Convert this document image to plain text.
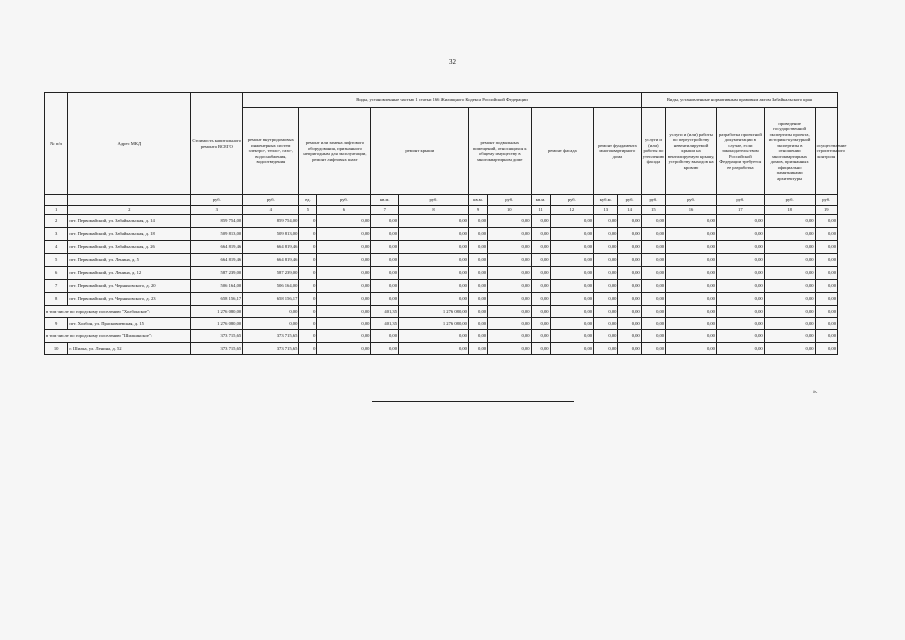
32
№ п/п	Адрес МКД	Стоимость капитального ремонта ВСЕГО	Виды, установленные частью 1 статьи 166 Жилищного Кодекса Российской Федерации											Виды, установленные нормативным правовым актом Забайкальского края				
			ремонт внутридомовых инженерных систем электро-, тепло-, газо-, водоснабжения, водоотведения	ремонт или замена лифтового оборудования, признанного непригодным для эксплуатации, ремонт лифтовых шахт		ремонт крыши		ремонт подвальных помещений, относящихся к общему имуществу в многоквартирном доме		ремонт фасада		ремонт фундамента многоквартирного дома		услуги и (или) работы по утеплению фасада	услуги и (или) работы по переустройству невентилируемой крыши на вентилируемую крышу, устройству выходов на кровлю	разработка проектной документации в случае, если законодательством Российской Федерации требуется ее разработка	проведение государственной экспертизы проекта, историко-культурной экспертизы в отношении многоквартирных домов, признанных официально памятниками архитектуры	осуществление строительного контроля
		руб.	руб.	ед.	руб.	кв.м.	руб.	кв.м.	руб.	кв.м.	руб.	куб.м.	руб.	руб.	руб.	руб.	руб.	руб.
1	2	3	4	5	6	7	8	9	10	11	12	13	14	15	16	17	18	19
2	пгт. Первомайский, ул. Забайкальская, д. 14	859 754,00	859 754,00	0	0,00	0,00	0,00	0,00	0,00	0,00	0,00	0,00	0,00	0,00	0,00	0,00	0,00	0,00
3	пгт. Первомайский, ул. Забайкальская, д. 18	509 813,00	509 813,00	0	0,00	0,00	0,00	0,00	0,00	0,00	0,00	0,00	0,00	0,00	0,00	0,00	0,00	0,00
4	пгт. Первомайский, ул. Забайкальская, д. 26	664 819,46	664 819,46	0	0,00	0,00	0,00	0,00	0,00	0,00	0,00	0,00	0,00	0,00	0,00	0,00	0,00	0,00
5	пгт. Первомайский, ул. Ленина, д. 5	664 819,46	664 819,46	0	0,00	0,00	0,00	0,00	0,00	0,00	0,00	0,00	0,00	0,00	0,00	0,00	0,00	0,00
6	пгт. Первомайский, ул. Ленина, д. 12	587 239,00	587 239,00	0	0,00	0,00	0,00	0,00	0,00	0,00	0,00	0,00	0,00	0,00	0,00	0,00	0,00	0,00
7	пгт. Первомайский, ул. Черняховского, д. 20	506 164,00	506 164,00	0	0,00	0,00	0,00	0,00	0,00	0,00	0,00	0,00	0,00	0,00	0,00	0,00	0,00	0,00
8	пгт. Первомайский, ул. Черняховского, д. 23	658 156,17	658 156,17	0	0,00	0,00	0,00	0,00	0,00	0,00	0,00	0,00	0,00	0,00	0,00	0,00	0,00	0,00
в том числе по городскому поселению "Холбонское":		1 276 080,00	0,00	0	0,00	401,35	1 276 080,00	0,00	0,00	0,00	0,00	0,00	0,00	0,00	0,00	0,00	0,00	0,00
9	пгт. Холбон, ул. Прасковиевская, д. 15	1 276 080,00	0,00	0	0,00	401,35	1 276 080,00	0,00	0,00	0,00	0,00	0,00	0,00	0,00	0,00	0,00	0,00	0,00
в том числе по городскому поселению "Шилкинское":		373 715,65	373 715,65	0	0,00	0,00	0,00	0,00	0,00	0,00	0,00	0,00	0,00	0,00	0,00	0,00	0,00	0,00
10	г. Шилка, ул. Ленина, д. 52	373 715,65	373 715,65	0	0,00	0,00	0,00	0,00	0,00	0,00	0,00	0,00	0,00	0,00	0,00	0,00	0,00	0,00
».
